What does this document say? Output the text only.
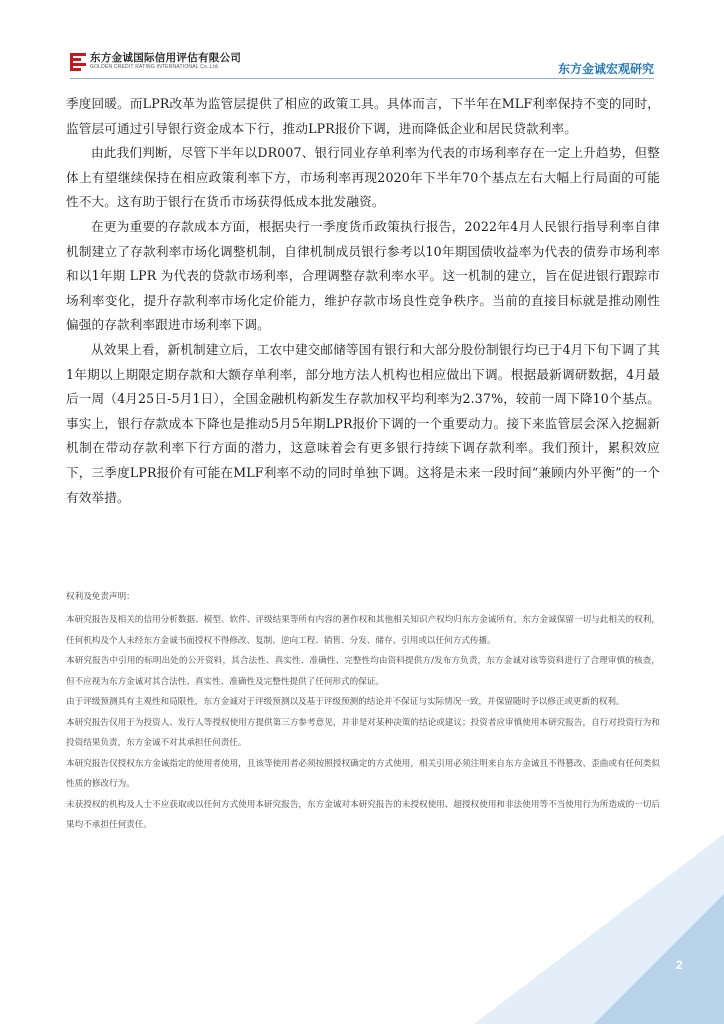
东方金诚国际信用评估有限公司
GOLDEN CREDIT RATING INTERNATIONAL Co.,Ltd.	东方金诚宏观研究

季度回暖。而LPR改革为监管层提供了相应的政策工具。具体而言，下半年在MLF利率保持不变的同时，监管层可通过引导银行资金成本下行，推动LPR报价下调，进而降低企业和居民贷款利率。

由此我们判断，尽管下半年以DR007、银行同业存单利率为代表的市场利率存在一定上升趋势，但整体上有望继续保持在相应政策利率下方，市场利率再现2020年下半年70个基点左右大幅上行局面的可能性不大。这有助于银行在货币市场获得低成本批发融资。

在更为重要的存款成本方面，根据央行一季度货币政策执行报告，2022年4月人民银行指导利率自律机制建立了存款利率市场化调整机制，自律机制成员银行参考以10年期国债收益率为代表的债券市场利率和以1年期 LPR 为代表的贷款市场利率，合理调整存款利率水平。这一机制的建立，旨在促进银行跟踪市场利率变化，提升存款利率市场化定价能力，维护存款市场良性竞争秩序。当前的直接目标就是推动刚性偏强的存款利率跟进市场利率下调。

从效果上看，新机制建立后，工农中建交邮储等国有银行和大部分股份制银行均已于4月下旬下调了其1年期以上期限定期存款和大额存单利率，部分地方法人机构也相应做出下调。根据最新调研数据，4月最后一周（4月25日-5月1日），全国金融机构新发生存款加权平均利率为2.37%，较前一周下降10个基点。事实上，银行存款成本下降也是推动5月5年期LPR报价下调的一个重要动力。接下来监管层会深入挖掘新机制在带动存款利率下行方面的潜力，这意味着会有更多银行持续下调存款利率。我们预计，累积效应下，三季度LPR报价有可能在MLF利率不动的同时单独下调。这将是未来一段时间“兼顾内外平衡”的一个有效举措。

权利及免责声明：

本研究报告及相关的信用分析数据、模型、软件、评级结果等所有内容的著作权和其他相关知识产权均归东方金诚所有，东方金诚保留一切与此相关的权利，任何机构及个人未经东方金诚书面授权不得修改、复制、逆向工程、销售、分发、储存、引用或以任何方式传播。

本研究报告中引用的标明出处的公开资料，其合法性、真实性、准确性、完整性均由资料提供方/发布方负责，东方金诚对该等资料进行了合理审慎的核查，但不应视为东方金诚对其合法性、真实性、准确性及完整性提供了任何形式的保证。

由于评级预测具有主观性和局限性，东方金诚对于评级预测以及基于评级预测的结论并不保证与实际情况一致，并保留随时予以修正或更新的权利。

本研究报告仅用于为投资人、发行人等授权使用方提供第三方参考意见，并非是对某种决策的结论或建议；投资者应审慎使用本研究报告，自行对投资行为和投资结果负责，东方金诚不对其承担任何责任。

本研究报告仅授权东方金诚指定的使用者使用，且该等使用者必须按照授权确定的方式使用，相关引用必须注明来自东方金诚且不得篡改、歪曲或有任何类似性质的修改行为。

未获授权的机构及人士不应获取或以任何方式使用本研究报告，东方金诚对本研究报告的未授权使用、超授权使用和非法使用等不当使用行为所造成的一切后果均不承担任何责任。

2
